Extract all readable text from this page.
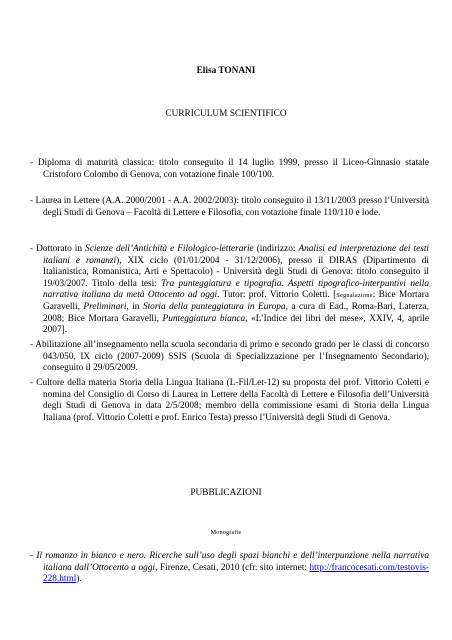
Elisa TONANI
CURRICULUM SCIENTIFICO
- Diploma di maturità classica: titolo conseguito il 14 luglio 1999, presso il Liceo-Ginnasio statale Cristoforo Colombo di Genova, con votazione finale 100/100.
- Laurea in Lettere (A.A. 2000/2001 - A.A. 2002/2003): titolo conseguito il 13/11/2003 presso l’Università degli Studi di Genova – Facoltà di Lettere e Filosofia, con votazione finale 110/110 e lode.
- Dottorato in Scienze dell’Antichità e Filologico-letterarie (indirizzo: Analisi ed interpretazione dei testi italiani e romanzi), XIX ciclo (01/01/2004 - 31/12/2006), presso il DIRAS (Dipartimento di Italianistica, Romanistica, Arti e Spettacolo) - Università degli Studi di Genova: titolo conseguito il 19/03/2007. Titolo della tesi: Tra punteggiatura e tipografia. Aspetti tipografico-interpuntivi nella narrativa italiana da metà Ottocento ad oggi. Tutor: prof. Vittorio Coletti. [Segnalazione: Bice Mortara Garavelli, Preliminari, in Storia della punteggiatura in Europa, a cura di Ead., Roma-Bari, Laterza, 2008; Bice Mortara Garavelli, Punteggiatura bianca, «L’Indice dei libri del mese», XXIV, 4, aprile 2007].
- Abilitazione all’insegnamento nella scuola secondaria di primo e secondo grado per le classi di concorso 043/050, IX ciclo (2007-2009) SSIS (Scuola di Specializzazione per l’Insegnamento Secondario), conseguito il 29/05/2009.
- Cultore della materia Storia della Lingua Italiana (L-Fil/Let-12) su proposta del prof. Vittorio Coletti e nomina del Consiglio di Corso di Laurea in Lettere della Facoltà di Lettere e Filosofia dell’Università degli Studi di Genova in data 2/5/2008; membro della commissione esami di Storia della Lingua Italiana (prof. Vittorio Coletti e prof. Enrico Testa) presso l’Università degli Studi di Genova.
PUBBLICAZIONI
Monografie
- Il romanzo in bianco e nero. Ricerche sull’uso degli spazi bianchi e dell’interpunzione nella narrativa italiana dall’Ottocento a oggi, Firenze, Cesati, 2010 (cfr. sito internet: http://francocesati.com/testovis-228.html).
